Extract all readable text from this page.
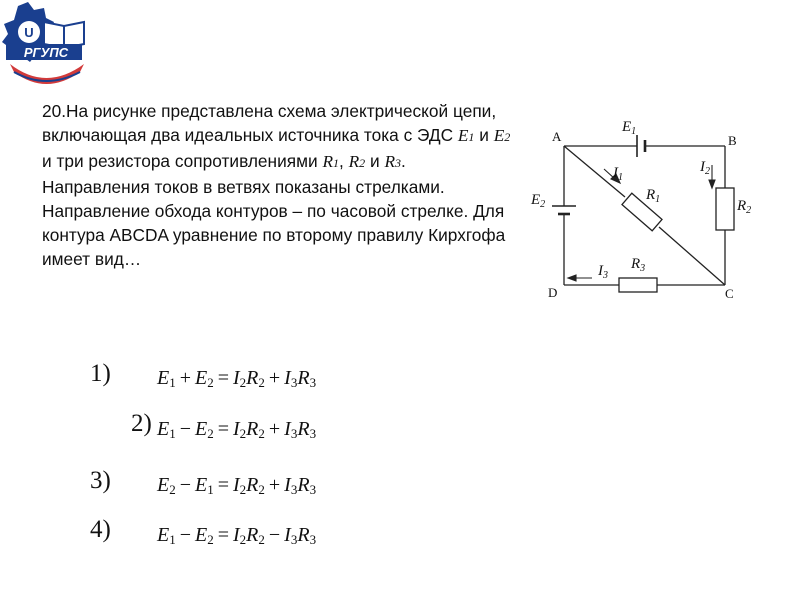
U
РГУПС
20.На рисунке представлена схема электрической цепи, включающая два идеальных источника тока с ЭДС E1 и E2 и три резистора сопротивлениями R1, R2 и R3. Направления токов в ветвях показаны стрелками. Направление обхода контуров – по часовой стрелке. Для контура ABCDA уравнение по второму правилу Кирхгофа имеет вид…
A	B
C
D
$E_1$
$E_2$
$I_1$
$I_2$
$I_3$
$R_1$	$R_2$
$R_3$
1) $E_1 + E_2 = I_2R_2 + I_3R_3$
2) $E_1 - E_2 = I_2R_2 + I_3R_3$
3) $E_2 - E_1 = I_2R_2 + I_3R_3$
4) $E_1 - E_2 = I_2R_2 - I_3R_3$
